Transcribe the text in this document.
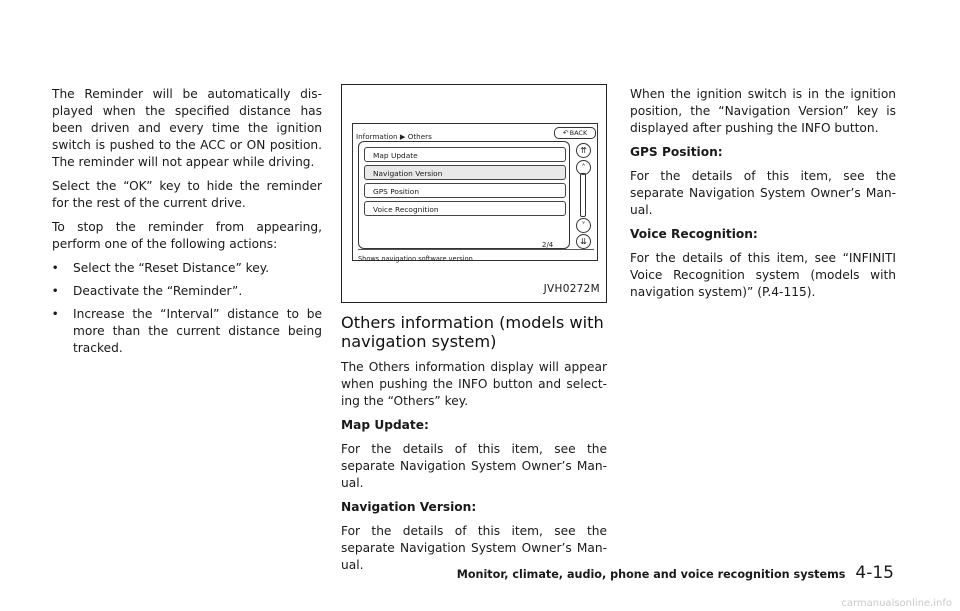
The Reminder will be automatically dis-played when the specified distance has been driven and every time the ignition switch is pushed to the ACC or ON position. The reminder will not appear while driving.

Select the “OK” key to hide the reminder for the rest of the current drive.

To stop the reminder from appearing, perform one of the following actions:

• Select the “Reset Distance” key.
• Deactivate the “Reminder”.
• Increase the “Interval” distance to be more than the current distance being tracked.
Information ▶ Others	↶BACK
Map Update
Navigation Version
GPS Position
Voice Recognition
⇈
˄
˅
⇊
2/4
Shows navigation software version
JVH0272M
Others information (models with navigation system)

The Others information display will appear when pushing the INFO button and select-ing the “Others” key.

Map Update:

For the details of this item, see the separate Navigation System Owner’s Man-ual.

Navigation Version:

For the details of this item, see the separate Navigation System Owner’s Man-ual.

When the ignition switch is in the ignition position, the “Navigation Version” key is displayed after pushing the INFO button.

GPS Position:

For the details of this item, see the separate Navigation System Owner’s Man-ual.

Voice Recognition:

For the details of this item, see “INFINITI Voice Recognition system (models with navigation system)” (P.4-115).

Monitor, climate, audio, phone and voice recognition systems 4-15
carmanualsonline.info
